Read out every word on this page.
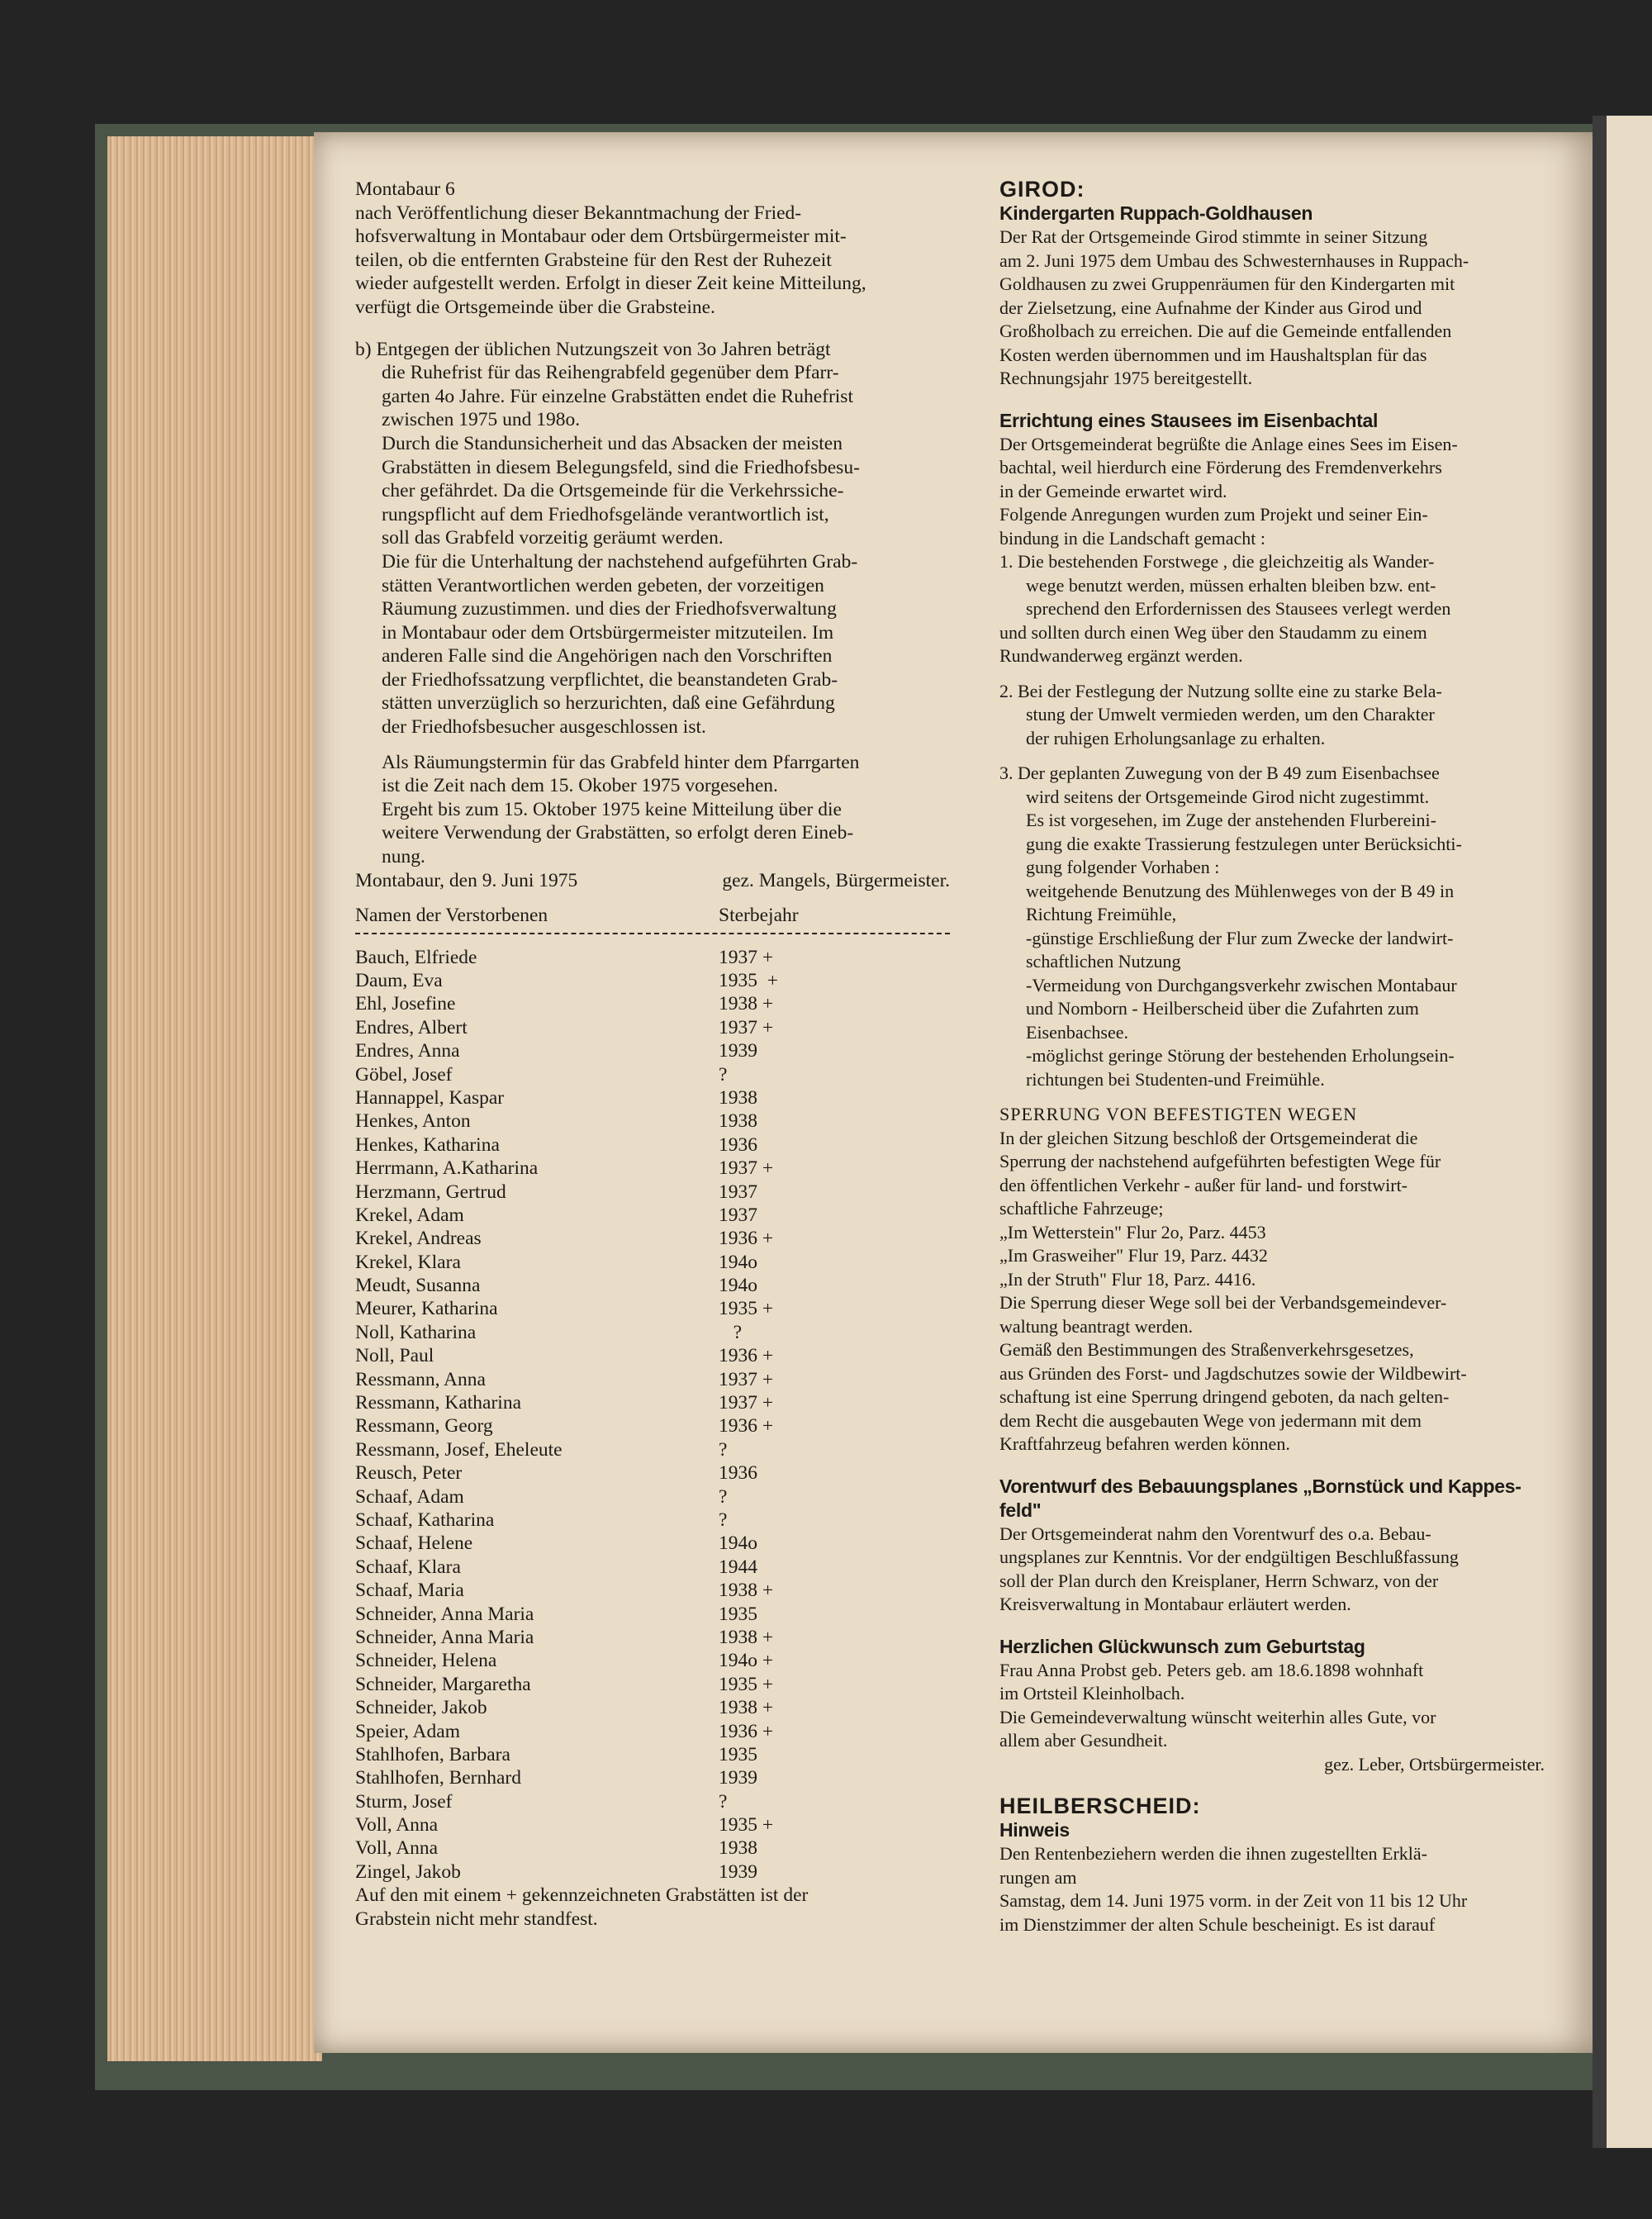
Montabaur 6

nach Veröffentlichung dieser Bekanntmachung der Fried-
hofsverwaltung in Montabaur oder dem Ortsbürgermeister mit-
teilen, ob die entfernten Grabsteine für den Rest der Ruhezeit
wieder aufgestellt werden. Erfolgt in dieser Zeit keine Mitteilung,
verfügt die Ortsgemeinde über die Grabsteine.

b) Entgegen der üblichen Nutzungszeit von 3o Jahren beträgt

die Ruhefrist für das Reihengrabfeld gegenüber dem Pfarr-
garten 4o Jahre. Für einzelne Grabstätten endet die Ruhefrist
zwischen 1975 und 198o.
Durch die Standunsicherheit und das Absacken der meisten
Grabstätten in diesem Belegungsfeld, sind die Friedhofsbesu-
cher gefährdet. Da die Ortsgemeinde für die Verkehrssiche-
rungspflicht auf dem Friedhofsgelände verantwortlich ist,
soll das Grabfeld vorzeitig geräumt werden.
Die für die Unterhaltung der nachstehend aufgeführten Grab-
stätten Verantwortlichen werden gebeten, der vorzeitigen
Räumung zuzustimmen. und dies der Friedhofsverwaltung
in Montabaur oder dem Ortsbürgermeister mitzuteilen. Im
anderen Falle sind die Angehörigen nach den Vorschriften
der Friedhofssatzung verpflichtet, die beanstandeten Grab-
stätten unverzüglich so herzurichten, daß eine Gefährdung
der Friedhofsbesucher ausgeschlossen ist.
Als Räumungstermin für das Grabfeld hinter dem Pfarrgarten
ist die Zeit nach dem 15. Okober 1975 vorgesehen.
Ergeht bis zum 15. Oktober 1975 keine Mitteilung über die
weitere Verwendung der Grabstätten, so erfolgt deren Eineb-
nung.
Montabaur, den 9. Juni 1975	gez. Mangels, Bürgermeister.
Namen der Verstorbenen	Sterbejahr
Bauch, Elfriede	1937 +
Daum, Eva	1935  +
Ehl, Josefine	1938 +
Endres, Albert	1937 +
Endres, Anna	1939
Göbel, Josef	?
Hannappel, Kaspar	1938
Henkes, Anton	1938
Henkes, Katharina	1936
Herrmann, A.Katharina	1937 +
Herzmann, Gertrud	1937
Krekel, Adam	1937
Krekel, Andreas	1936 +
Krekel, Klara	194o
Meudt, Susanna	194o
Meurer, Katharina	1935 +
Noll, Katharina	?
Noll, Paul	1936 +
Ressmann, Anna	1937 +
Ressmann, Katharina	1937 +
Ressmann, Georg	1936 +
Ressmann, Josef, Eheleute	?
Reusch, Peter	1936
Schaaf, Adam	?
Schaaf, Katharina	?
Schaaf, Helene	194o
Schaaf, Klara	1944
Schaaf, Maria	1938 +
Schneider, Anna Maria	1935
Schneider, Anna Maria	1938 +
Schneider, Helena	194o +
Schneider, Margaretha	1935 +
Schneider, Jakob	1938 +
Speier, Adam	1936 +
Stahlhofen, Barbara	1935
Stahlhofen, Bernhard	1939
Sturm, Josef	?
Voll, Anna	1935 +
Voll, Anna	1938
Zingel, Jakob	1939
Auf den mit einem + gekennzeichneten Grabstätten ist der
Grabstein nicht mehr standfest.

GIROD:

Kindergarten Ruppach-Goldhausen

Der Rat der Ortsgemeinde Girod stimmte in seiner Sitzung
am 2. Juni 1975 dem Umbau des Schwesternhauses in Ruppach-
Goldhausen zu zwei Gruppenräumen für den Kindergarten mit
der Zielsetzung, eine Aufnahme der Kinder aus Girod und
Großholbach zu erreichen. Die auf die Gemeinde entfallenden
Kosten werden übernommen und im Haushaltsplan für das
Rechnungsjahr 1975 bereitgestellt.

Errichtung eines Stausees im Eisenbachtal

Der Ortsgemeinderat begrüßte die Anlage eines Sees im Eisen-
bachtal, weil hierdurch eine Förderung des Fremdenverkehrs
in der Gemeinde erwartet wird.
Folgende Anregungen wurden zum Projekt und seiner Ein-
bindung in die Landschaft gemacht :

1. Die bestehenden Forstwege , die gleichzeitig als Wander-

wege benutzt werden, müssen erhalten bleiben bzw. ent-
sprechend den Erfordernissen des Stausees verlegt werden
und sollten durch einen Weg über den Staudamm zu einem
Rundwanderweg ergänzt werden.

2. Bei der Festlegung der Nutzung sollte eine zu starke Bela-

stung der Umwelt vermieden werden, um den Charakter
der ruhigen Erholungsanlage zu erhalten.

3. Der geplanten Zuwegung von der B 49 zum Eisenbachsee

wird seitens der Ortsgemeinde Girod nicht zugestimmt.
Es ist vorgesehen, im Zuge der anstehenden Flurbereini-
gung die exakte Trassierung festzulegen unter Berücksichti-
gung folgender Vorhaben :
weitgehende Benutzung des Mühlenweges von der B 49 in
Richtung Freimühle,
-günstige Erschließung der Flur zum Zwecke der landwirt-
schaftlichen Nutzung
-Vermeidung von Durchgangsverkehr zwischen Montabaur
und Nomborn - Heilberscheid über die Zufahrten zum
Eisenbachsee.
-möglichst geringe Störung der bestehenden Erholungsein-
richtungen bei Studenten-und Freimühle.

SPERRUNG VON BEFESTIGTEN WEGEN

In der gleichen Sitzung beschloß der Ortsgemeinderat die
Sperrung der nachstehend aufgeführten befestigten Wege für
den öffentlichen Verkehr - außer für land- und forstwirt-
schaftliche Fahrzeuge;
„Im Wetterstein" Flur 2o, Parz. 4453
„Im Grasweiher" Flur 19, Parz. 4432
„In der Struth" Flur 18, Parz. 4416.
Die Sperrung dieser Wege soll bei der Verbandsgemeindever-
waltung beantragt werden.
Gemäß den Bestimmungen des Straßenverkehrsgesetzes,
aus Gründen des Forst- und Jagdschutzes sowie der Wildbewirt-
schaftung ist eine Sperrung dringend geboten, da nach gelten-
dem Recht die ausgebauten Wege von jedermann mit dem
Kraftfahrzeug befahren werden können.
Vorentwurf des Bebauungsplanes „Bornstück und Kappes-
feld"
Der Ortsgemeinderat nahm den Vorentwurf des o.a. Bebau-
ungsplanes zur Kenntnis. Vor der endgültigen Beschlußfassung
soll der Plan durch den Kreisplaner, Herrn Schwarz, von der
Kreisverwaltung in Montabaur erläutert werden.

Herzlichen Glückwunsch zum Geburtstag

Frau Anna Probst geb. Peters geb. am 18.6.1898 wohnhaft
im Ortsteil Kleinholbach.
Die Gemeindeverwaltung wünscht weiterhin alles Gute, vor
allem aber Gesundheit.

gez. Leber, Ortsbürgermeister.

HEILBERSCHEID:

Hinweis

Den Rentenbeziehern werden die ihnen zugestellten Erklä-
rungen am
Samstag, dem 14. Juni 1975 vorm. in der Zeit von 11 bis 12 Uhr
im Dienstzimmer der alten Schule bescheinigt. Es ist darauf
